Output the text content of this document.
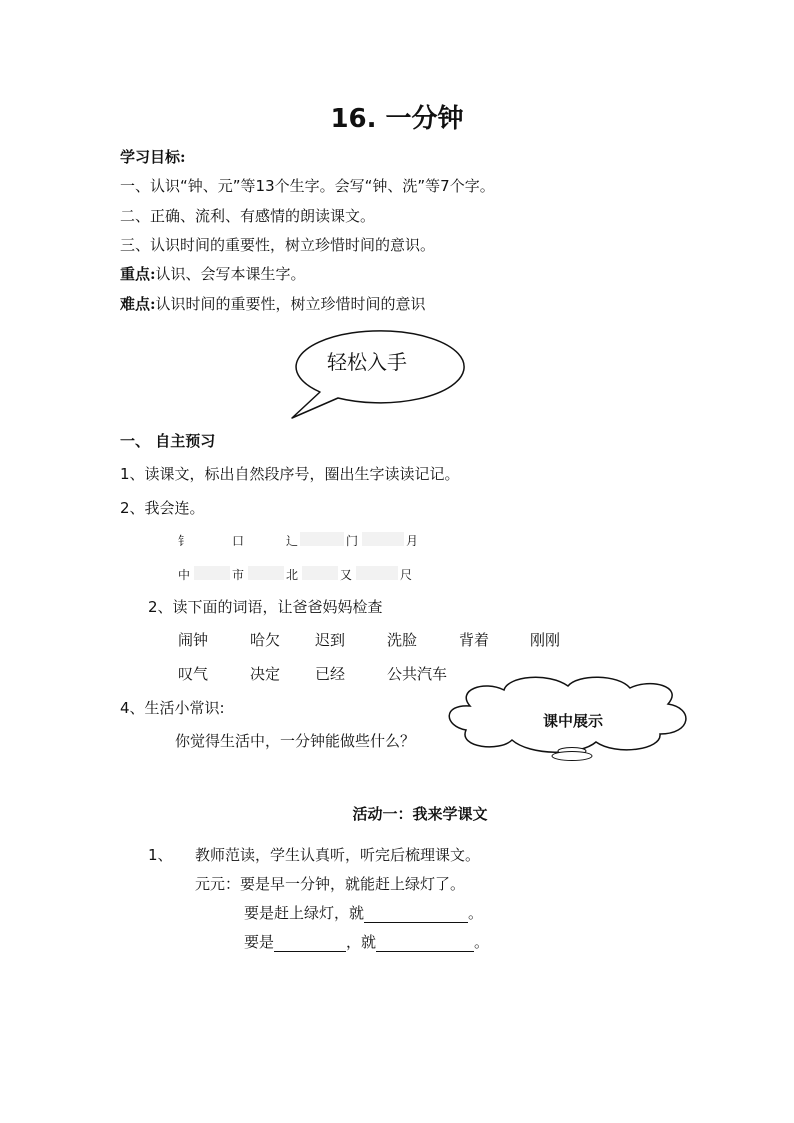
16. 一分钟
学习目标:
一、认识“钟、元”等13个生字。会写“钟、洗”等7个字。
二、正确、流利、有感情的朗读课文。
三、认识时间的重要性，树立珍惜时间的意识。
重点:认识、会写本课生字。
难点:认识时间的重要性，树立珍惜时间的意识
轻松入手
一、 自主预习
1、读课文，标出自然段序号，圈出生字读读记记。
2、我会连。
钅	口	辶	门	月
中	市	北	又	尺
2、读下面的词语，让爸爸妈妈检查
闹钟	哈欠 迟到	洗脸	背着	刚刚
叹气	决定 已经	公共汽车
4、生活小常识:
你觉得生活中，一分钟能做些什么？
课中展示
活动一：我来学课文
1、 教师范读，学生认真听，听完后梳理课文。
元元：要是早一分钟，就能赶上绿灯了。
要是赶上绿灯，就	。
要是	，就	。
